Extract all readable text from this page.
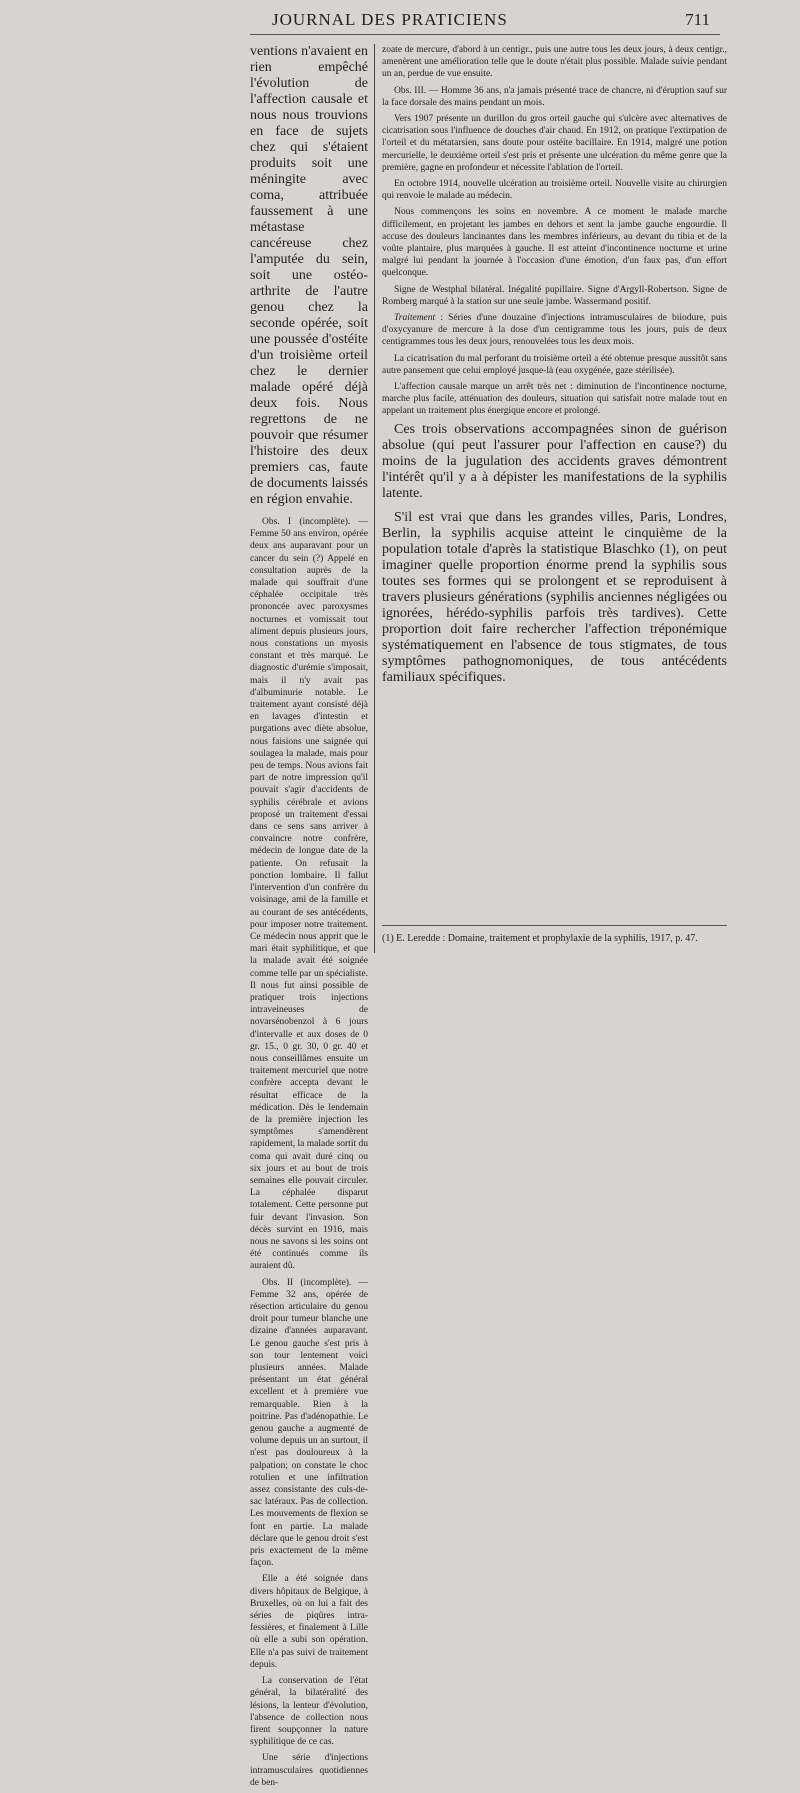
JOURNAL DES PRATICIENS	711

ventions n'avaient en rien empêché l'évolution de l'affection causale et nous nous trouvions en face de sujets chez qui s'étaient produits soit une méningite avec coma, attribuée faussement à une métastase cancéreuse chez l'amputée du sein, soit une ostéo-arthrite de l'autre genou chez la seconde opérée, soit une poussée d'ostéite d'un troisième orteil chez le dernier malade opéré déjà deux fois. Nous regrettons de ne pouvoir que résumer l'histoire des deux premiers cas, faute de documents laissés en région envahie.

Obs. I (incomplète). — Femme 50 ans environ, opérée deux ans auparavant pour un cancer du sein (?) Appelé en consultation auprès de la malade qui souffrait d'une céphalée occipitale très prononcée avec paroxysmes nocturnes et vomissait tout aliment depuis plusieurs jours, nous constations un myosis constant et très marqué. Le diagnostic d'urémie s'imposait, mais il n'y avait pas d'albuminurie notable. Le traitement ayant consisté déjà en lavages d'intestin et purgations avec diète absolue, nous faisions une saignée qui soulagea la malade, mais pour peu de temps. Nous avions fait part de notre impression qu'il pouvait s'agir d'accidents de syphilis cérébrale et avions proposé un traitement d'essai dans ce sens sans arriver à convaincre notre confrère, médecin de longue date de la patiente. On refusait la ponction lombaire. Il fallut l'intervention d'un confrère du voisinage, ami de la famille et au courant de ses antécédents, pour imposer notre traitement. Ce médecin nous apprit que le mari était syphilitique, et que la malade avait été soignée comme telle par un spécialiste. Il nous fut ainsi possible de pratiquer trois injections intraveineuses de novarsénobenzol à 6 jours d'intervalle et aux doses de 0 gr. 15., 0 gr. 30, 0 gr. 40 et nous conseillâmes ensuite un traitement mercuriel que notre confrère accepta devant le résultat efficace de la médication. Dès le lendemain de la première injection les symptômes s'amendèrent rapidement, la malade sortit du coma qui avait duré cinq ou six jours et au bout de trois semaines elle pouvait circuler. La céphalée disparut totalement. Cette personne put fuir devant l'invasion. Son décès survint en 1916, mais nous ne savons si les soins ont été continués comme ils auraient dû.

Obs. II (incomplète). — Femme 32 ans, opérée de résection articulaire du genou droit pour tumeur blanche une dizaine d'années auparavant. Le genou gauche s'est pris à son tour lentement voici plusieurs années. Malade présentant un état général excellent et à première vue remarquable. Rien à la poitrine. Pas d'adénopathie. Le genou gauche a augmenté de volume depuis un an surtout, il n'est pas douloureux à la palpation; on constate le choc rotulien et une infiltration assez consistante des culs-de-sac latéraux. Pas de collection. Les mouvements de flexion se font en partie. La malade déclare que le genou droit s'est pris exactement de la même façon.

Elle a été soignée dans divers hôpitaux de Belgique, à Bruxelles, où on lui a fait des séries de piqûres intra-fessières, et finalement à Lille où elle a subi son opération. Elle n'a pas suivi de traitement depuis.

La conservation de l'état général, la bilatéralité des lésions, la lenteur d'évolution, l'absence de collection nous firent soupçonner la nature syphilitique de ce cas.

Une série d'injections intramusculaires quotidiennes de ben-

zoate de mercure, d'abord à un centigr., puis une autre tous les deux jours, à deux centigr., amenèrent une amélioration telle que le doute n'était plus possible. Malade suivie pendant un an, perdue de vue ensuite.

Obs. III. — Homme 36 ans, n'a jamais présenté trace de chancre, ni d'éruption sauf sur la face dorsale des mains pendant un mois.

Vers 1907 présente un durillon du gros orteil gauche qui s'ulcère avec alternatives de cicatrisation sous l'influence de douches d'air chaud. En 1912, on pratique l'extirpation de l'orteil et du métatarsien, sans doute pour ostéite bacillaire. En 1914, malgré une potion mercurielle, le deuxième orteil s'est pris et présente une ulcération du même genre que la première, gagne en profondeur et nécessite l'ablation de l'orteil.

En octobre 1914, nouvelle ulcération au troisième orteil. Nouvelle visite au chirurgien qui renvoie le malade au médecin.

Nous commençons les soins en novembre. A ce moment le malade marche difficilement, en projetant les jambes en dehors et sent la jambe gauche engourdie. Il accuse des douleurs lancinantes dans les membres inférieurs, au devant du tibia et de la voûte plantaire, plus marquées à gauche. Il est atteint d'incontinence nocturne et urine malgré lui pendant la journée à l'occasion d'une émotion, d'un faux pas, d'un effort quelconque.

Signe de Westphal bilatéral. Inégalité pupillaire. Signe d'Argyll-Robertson. Signe de Romberg marqué à la station sur une seule jambe. Wassermand positif.

Traitement : Séries d'une douzaine d'injections intramusculaires de biiodure, puis d'oxycyanure de mercure à la dose d'un centigramme tous les jours, puis de deux centigrammes tous les deux jours, renouvelées tous les deux mois.

La cicatrisation du mal perforant du troisième orteil a été obtenue presque aussitôt sans autre pansement que celui employé jusque-là (eau oxygénée, gaze stérilisée).

L'affection causale marque un arrêt très net : diminution de l'incontinence nocturne, marche plus facile, atténuation des douleurs, situation qui satisfait notre malade tout en appelant un traitement plus énergique encore et prolongé.

Ces trois observations accompagnées sinon de guérison absolue (qui peut l'assurer pour l'affection en cause?) du moins de la jugulation des accidents graves démontrent l'intérêt qu'il y a à dépister les manifestations de la syphilis latente.

S'il est vrai que dans les grandes villes, Paris, Londres, Berlin, la syphilis acquise atteint le cinquième de la population totale d'après la statistique Blaschko (1), on peut imaginer quelle proportion énorme prend la syphilis sous toutes ses formes qui se prolongent et se reproduisent à travers plusieurs générations (syphilis anciennes négligées ou ignorées, hérédo-syphilis parfois très tardives). Cette proportion doit faire rechercher l'affection tréponémique systématiquement en l'absence de tous stigmates, de tous symptômes pathognomoniques, de tous antécédents familiaux spécifiques.

(1) E. Leredde : Domaine, traitement et prophylaxie de la syphilis, 1917, p. 47.
